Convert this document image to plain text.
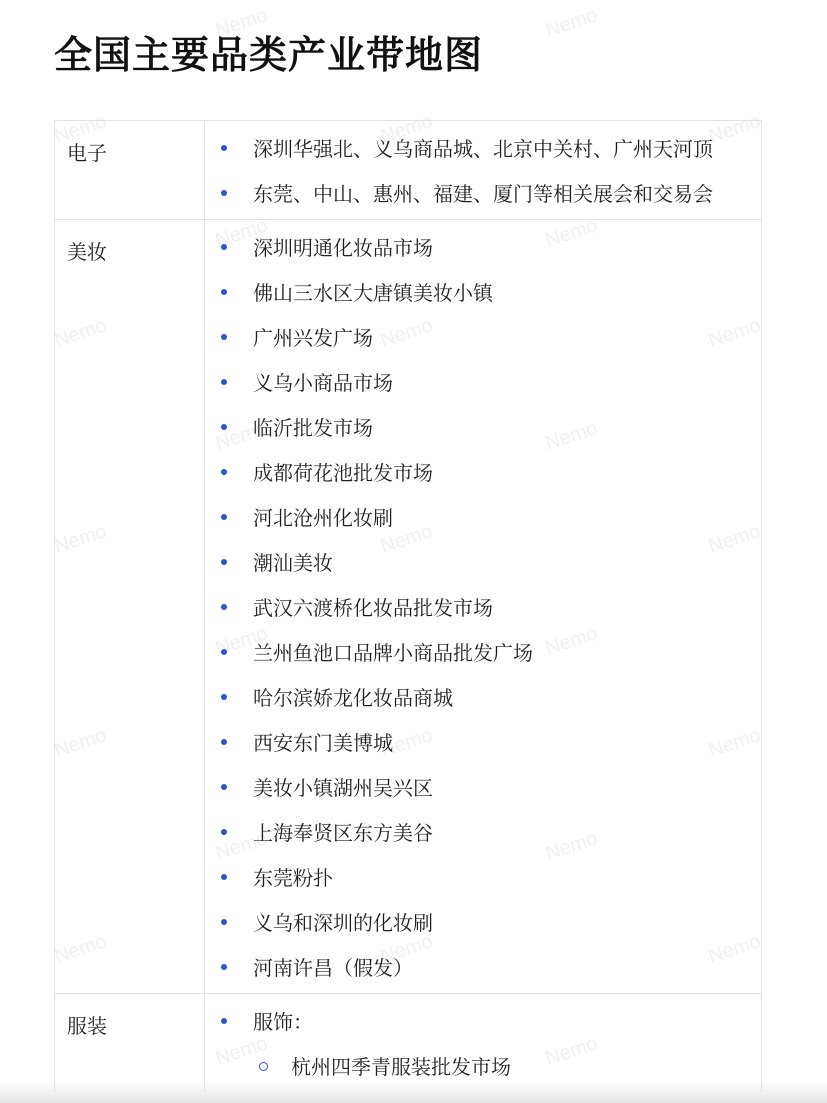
Nemo	Nemo
Nemo	Nemo	Nemo
Nemo	Nemo
Nemo	Nemo	Nemo
Nemo	Nemo
Nemo	Nemo	Nemo
Nemo	Nemo
Nemo	Nemo	Nemo
Nemo	Nemo
Nemo	Nemo	Nemo
Nemo	Nemo
全国主要品类产业带地图
电子	深圳华强北、义乌商品城、北京中关村、广州天河顶
东莞、中山、惠州、福建、厦门等相关展会和交易会
美妆	深圳明通化妆品市场
佛山三水区大唐镇美妆小镇
广州兴发广场
义乌小商品市场
临沂批发市场
成都荷花池批发市场
河北沧州化妆刷
潮汕美妆
武汉六渡桥化妆品批发市场
兰州鱼池口品牌小商品批发广场
哈尔滨娇龙化妆品商城
西安东门美博城
美妆小镇湖州吴兴区
上海奉贤区东方美谷
东莞粉扑
义乌和深圳的化妆刷
河南许昌（假发）
服装	服饰：
杭州四季青服装批发市场
